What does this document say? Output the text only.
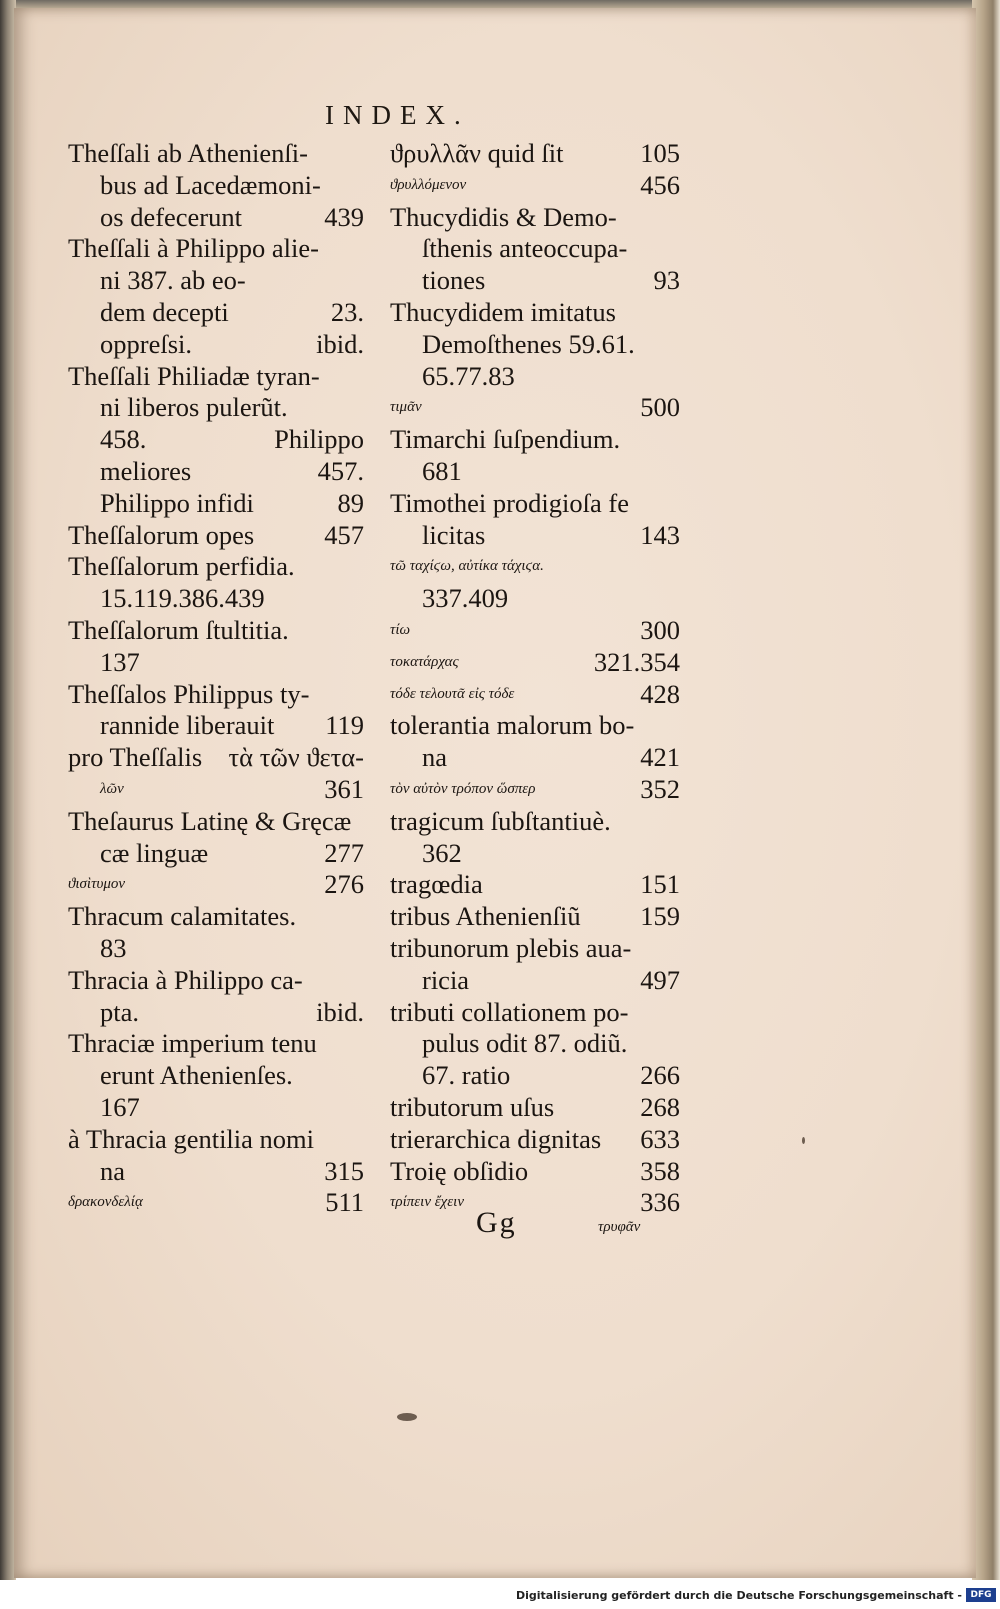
INDEX.
Theſſali ab Athenienſi-
bus ad Lacedæmoni-
os defecerunt	439
Theſſali à Philippo alie-
ni 387. ab eo-
dem decepti	23.
oppreſsi.	ibid.
Theſſali Philiadæ tyran-
ni liberos pulerũt.
458.	Philippo
meliores	457.
Philippo infidi	89
Theſſalorum opes	457
Theſſalorum perfidia.
15.119.386.439
Theſſalorum ſtultitia.
137
Theſſalos Philippus ty-
rannide liberauit 119
pro Theſſalis τὰ τῶν ϑετα-
λῶν	361
Theſaurus Latinę & Gręcæ
cæ linguæ	277
ϑισὶτυμον	276
Thracum calamitates.
83
Thracia à Philippo ca-
pta.	ibid.
Thraciæ imperium tenu
erunt Athenienſes.
167
à Thracia gentilia nomi
na	315
δρακονδελίᾳ	511
ϑρυλλᾶν quid ſit	105
ϑρυλλόμενον	456
Thucydidis & Demo-
ſthenis anteoccupa-
tiones	93
Thucydidem imitatus
Demoſthenes 59.61.
65.77.83
τιμᾶν	500
Timarchi ſuſpendium.
681
Timothei prodigioſa fe
licitas	143
τῶ ταχίϛω, αὐτίκα τάχιϛα.
337.409
τίω	300
τοκατάρχας	321.354
τόδε τελουτᾶ εἰς τόδε	428
tolerantia malorum bo-
na	421
τὸν αὐτὸν τρόπον ὥσπερ	352
tragicum ſubſtantiuè.
362
tragœdia	151
tribus Athenienſiũ 159
tribunorum plebis aua-
ricia	497
tributi collationem po-
pulus odit 87. odiũ.
67. ratio	266
tributorum uſus	268
trierarchica dignitas 633
Troię obſidio	358
τρίπειν ἔχειν	336
Gg	τρυφᾶν
Digitalisierung gefördert durch die Deutsche Forschungsgemeinschaft - DFG
